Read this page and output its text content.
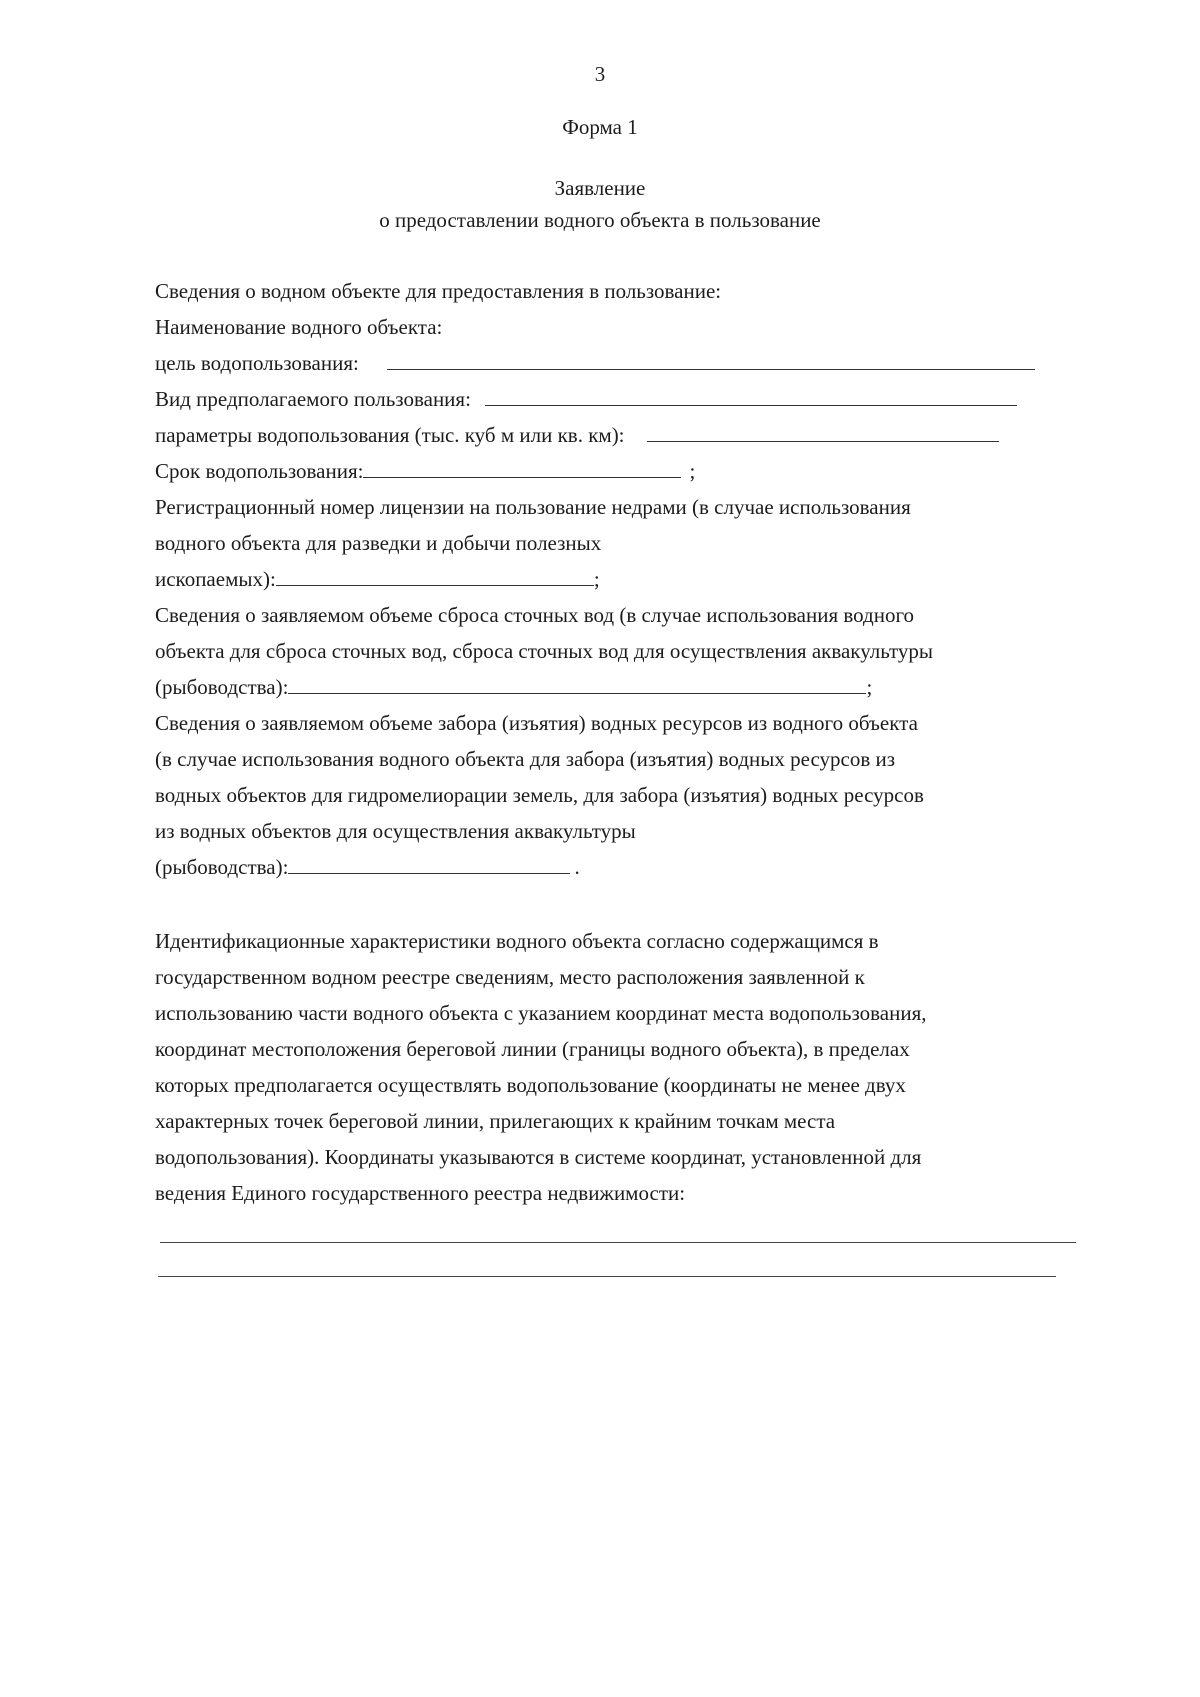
3
Форма 1
Заявление
о предоставлении водного объекта в пользование
Сведения о водном объекте для предоставления в пользование:
Наименование водного объекта:
цель водопользования:
Вид предполагаемого пользования:
параметры водопользования (тыс. куб м или кв. км):
Срок водопользования:	;
Регистрационный номер лицензии на пользование недрами (в случае использования
водного объекта для разведки и добычи полезных
ископаемых):	;
Сведения о заявляемом объеме сброса сточных вод (в случае использования водного
объекта для сброса сточных вод, сброса сточных вод для осуществления аквакультуры
(рыбоводства):	;
Сведения о заявляемом объеме забора (изъятия) водных ресурсов из водного объекта
(в случае использования водного объекта для забора (изъятия) водных ресурсов из
водных объектов для гидромелиорации земель, для забора (изъятия) водных ресурсов
из водных объектов для осуществления аквакультуры
(рыбоводства):	.
Идентификационные характеристики водного объекта согласно содержащимся в
государственном водном реестре сведениям, место расположения заявленной к
использованию части водного объекта с указанием координат места водопользования,
координат местоположения береговой линии (границы водного объекта), в пределах
которых предполагается осуществлять водопользование (координаты не менее двух
характерных точек береговой линии, прилегающих к крайним точкам места
водопользования). Координаты указываются в системе координат, установленной для
ведения Единого государственного реестра недвижимости:
